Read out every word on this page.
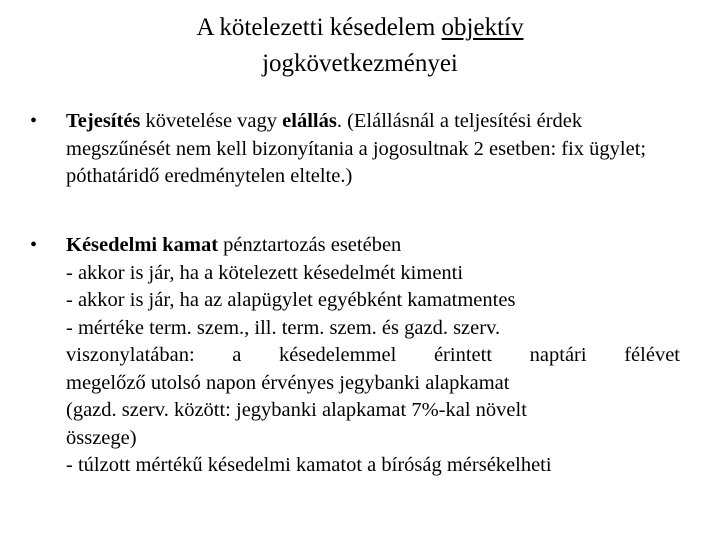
A kötelezetti késedelem objektív
jogkövetkezményei
•	Tejesítés követelése vagy elállás. (Elállásnál a teljesítési érdek megszűnését nem kell bizonyítania a jogosultnak 2 esetben: fix ügylet; póthatáridő eredménytelen eltelte.)
•	Késedelmi kamat pénztartozás esetében
- akkor is jár, ha a kötelezett késedelmét kimenti
- akkor is jár, ha az alapügylet egyébként kamatmentes
- mértéke term. szem., ill. term. szem. és gazd. szerv.
viszonylatában: a késedelemmel érintett naptári félévet
megelőző utolsó napon érvényes jegybanki alapkamat
(gazd. szerv. között: jegybanki alapkamat 7%-kal növelt
összege)
- túlzott mértékű késedelmi kamatot a bíróság mérsékelheti
